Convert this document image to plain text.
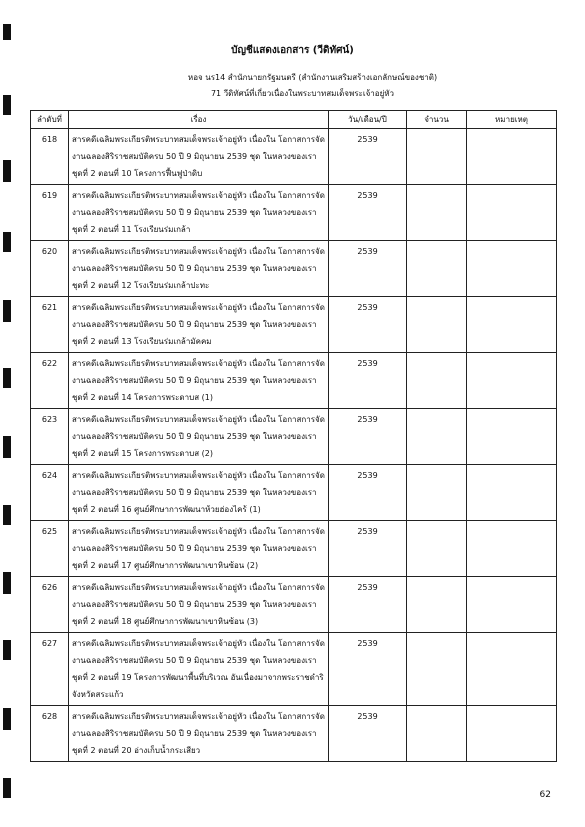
บัญชีแสดงเอกสาร (วีดิทัศน์)
หอจ นร14 สำนักนายกรัฐมนตรี (สำนักงานเสริมสร้างเอกลักษณ์ของชาติ)
71 วีดิทัศน์ที่เกี่ยวเนื่องในพระบาทสมเด็จพระเจ้าอยู่หัว
ลำดับที่	เรื่อง	วัน/เดือน/ปี	จำนวน	หมายเหตุ
618	สารคดีเฉลิมพระเกียรติพระบาทสมเด็จพระเจ้าอยู่หัว เนื่องใน โอกาสการจัดงานฉลองสิริราชสมบัติครบ 50 ปี 9 มิถุนายน 2539 ชุด ในหลวงของเรา ชุดที่ 2 ตอนที่ 10 โครงการฟื้นฟูป่าดิบ	2539		
619	สารคดีเฉลิมพระเกียรติพระบาทสมเด็จพระเจ้าอยู่หัว เนื่องใน โอกาสการจัดงานฉลองสิริราชสมบัติครบ 50 ปี 9 มิถุนายน 2539 ชุด ในหลวงของเรา ชุดที่ 2 ตอนที่ 11 โรงเรียนร่มเกล้า	2539		
620	สารคดีเฉลิมพระเกียรติพระบาทสมเด็จพระเจ้าอยู่หัว เนื่องใน โอกาสการจัดงานฉลองสิริราชสมบัติครบ 50 ปี 9 มิถุนายน 2539 ชุด ในหลวงของเรา ชุดที่ 2 ตอนที่ 12 โรงเรียนร่มเกล้าปะทะ	2539		
621	สารคดีเฉลิมพระเกียรติพระบาทสมเด็จพระเจ้าอยู่หัว เนื่องใน โอกาสการจัดงานฉลองสิริราชสมบัติครบ 50 ปี 9 มิถุนายน 2539 ชุด ในหลวงของเรา ชุดที่ 2 ตอนที่ 13 โรงเรียนร่มเกล้ามัคคม	2539		
622	สารคดีเฉลิมพระเกียรติพระบาทสมเด็จพระเจ้าอยู่หัว เนื่องใน โอกาสการจัดงานฉลองสิริราชสมบัติครบ 50 ปี 9 มิถุนายน 2539 ชุด ในหลวงของเรา ชุดที่ 2 ตอนที่ 14 โครงการพระดาบส (1)	2539		
623	สารคดีเฉลิมพระเกียรติพระบาทสมเด็จพระเจ้าอยู่หัว เนื่องใน โอกาสการจัดงานฉลองสิริราชสมบัติครบ 50 ปี 9 มิถุนายน 2539 ชุด ในหลวงของเรา ชุดที่ 2 ตอนที่ 15 โครงการพระดาบส (2)	2539		
624	สารคดีเฉลิมพระเกียรติพระบาทสมเด็จพระเจ้าอยู่หัว เนื่องใน โอกาสการจัดงานฉลองสิริราชสมบัติครบ 50 ปี 9 มิถุนายน 2539 ชุด ในหลวงของเรา ชุดที่ 2 ตอนที่ 16 ศูนย์ศึกษาการพัฒนาห้วยฮ่องไคร้ (1)	2539		
625	สารคดีเฉลิมพระเกียรติพระบาทสมเด็จพระเจ้าอยู่หัว เนื่องใน โอกาสการจัดงานฉลองสิริราชสมบัติครบ 50 ปี 9 มิถุนายน 2539 ชุด ในหลวงของเรา ชุดที่ 2 ตอนที่ 17 ศูนย์ศึกษาการพัฒนาเขาหินซ้อน (2)	2539		
626	สารคดีเฉลิมพระเกียรติพระบาทสมเด็จพระเจ้าอยู่หัว เนื่องใน โอกาสการจัดงานฉลองสิริราชสมบัติครบ 50 ปี 9 มิถุนายน 2539 ชุด ในหลวงของเรา ชุดที่ 2 ตอนที่ 18 ศูนย์ศึกษาการพัฒนาเขาหินซ้อน (3)	2539		
627	สารคดีเฉลิมพระเกียรติพระบาทสมเด็จพระเจ้าอยู่หัว เนื่องใน โอกาสการจัดงานฉลองสิริราชสมบัติครบ 50 ปี 9 มิถุนายน 2539 ชุด ในหลวงของเรา ชุดที่ 2 ตอนที่ 19 โครงการพัฒนาพื้นที่บริเวณ อันเนื่องมาจากพระราชดำริ จังหวัดสระแก้ว	2539		
628	สารคดีเฉลิมพระเกียรติพระบาทสมเด็จพระเจ้าอยู่หัว เนื่องใน โอกาสการจัดงานฉลองสิริราชสมบัติครบ 50 ปี 9 มิถุนายน 2539 ชุด ในหลวงของเรา ชุดที่ 2 ตอนที่ 20 อ่างเก็บน้ำกระเสียว	2539		
62
